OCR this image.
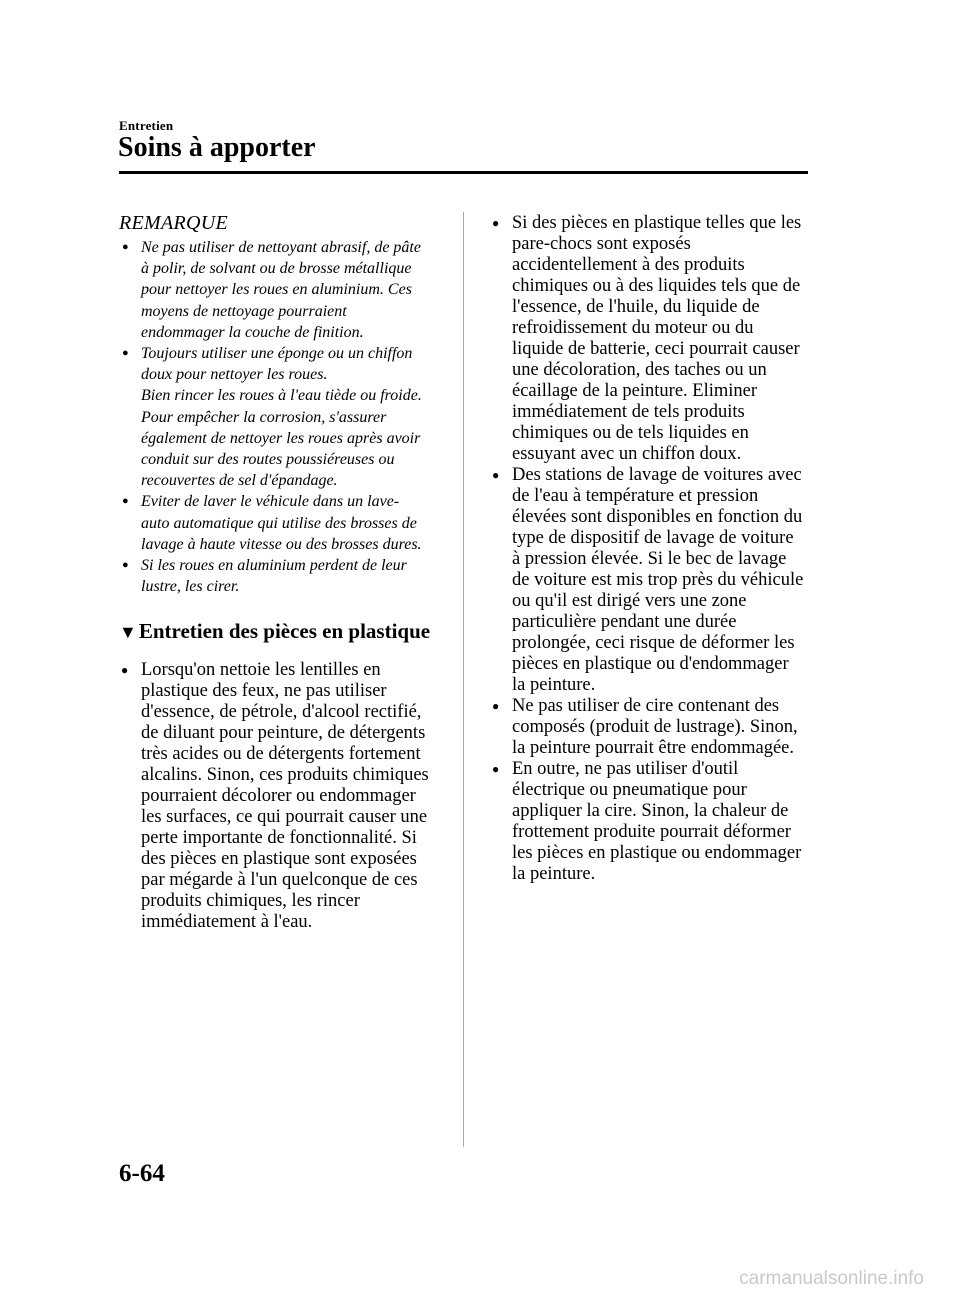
Entretien
Soins à apporter
REMARQUE
● Ne pas utiliser de nettoyant abrasif, de pâte
à polir, de solvant ou de brosse métallique
pour nettoyer les roues en aluminium. Ces
moyens de nettoyage pourraient
endommager la couche de finition.
● Toujours utiliser une éponge ou un chiffon
doux pour nettoyer les roues.
Bien rincer les roues à l'eau tiède ou froide.
Pour empêcher la corrosion, s'assurer
également de nettoyer les roues après avoir
conduit sur des routes poussiéreuses ou
recouvertes de sel d'épandage.
● Eviter de laver le véhicule dans un lave-
auto automatique qui utilise des brosses de
lavage à haute vitesse ou des brosses dures.
● Si les roues en aluminium perdent de leur
lustre, les cirer.
▼Entretien des pièces en plastique
● Lorsqu'on nettoie les lentilles en
plastique des feux, ne pas utiliser
d'essence, de pétrole, d'alcool rectifié,
de diluant pour peinture, de détergents
très acides ou de détergents fortement
alcalins. Sinon, ces produits chimiques
pourraient décolorer ou endommager
les surfaces, ce qui pourrait causer une
perte importante de fonctionnalité. Si
des pièces en plastique sont exposées
par mégarde à l'un quelconque de ces
produits chimiques, les rincer
immédiatement à l'eau.
● Si des pièces en plastique telles que les
pare-chocs sont exposés
accidentellement à des produits
chimiques ou à des liquides tels que de
l'essence, de l'huile, du liquide de
refroidissement du moteur ou du
liquide de batterie, ceci pourrait causer
une décoloration, des taches ou un
écaillage de la peinture. Eliminer
immédiatement de tels produits
chimiques ou de tels liquides en
essuyant avec un chiffon doux.
● Des stations de lavage de voitures avec
de l'eau à température et pression
élevées sont disponibles en fonction du
type de dispositif de lavage de voiture
à pression élevée. Si le bec de lavage
de voiture est mis trop près du véhicule
ou qu'il est dirigé vers une zone
particulière pendant une durée
prolongée, ceci risque de déformer les
pièces en plastique ou d'endommager
la peinture.
● Ne pas utiliser de cire contenant des
composés (produit de lustrage). Sinon,
la peinture pourrait être endommagée.
● En outre, ne pas utiliser d'outil
électrique ou pneumatique pour
appliquer la cire. Sinon, la chaleur de
frottement produite pourrait déformer
les pièces en plastique ou endommager
la peinture.
6-64
carmanualsonline.info
